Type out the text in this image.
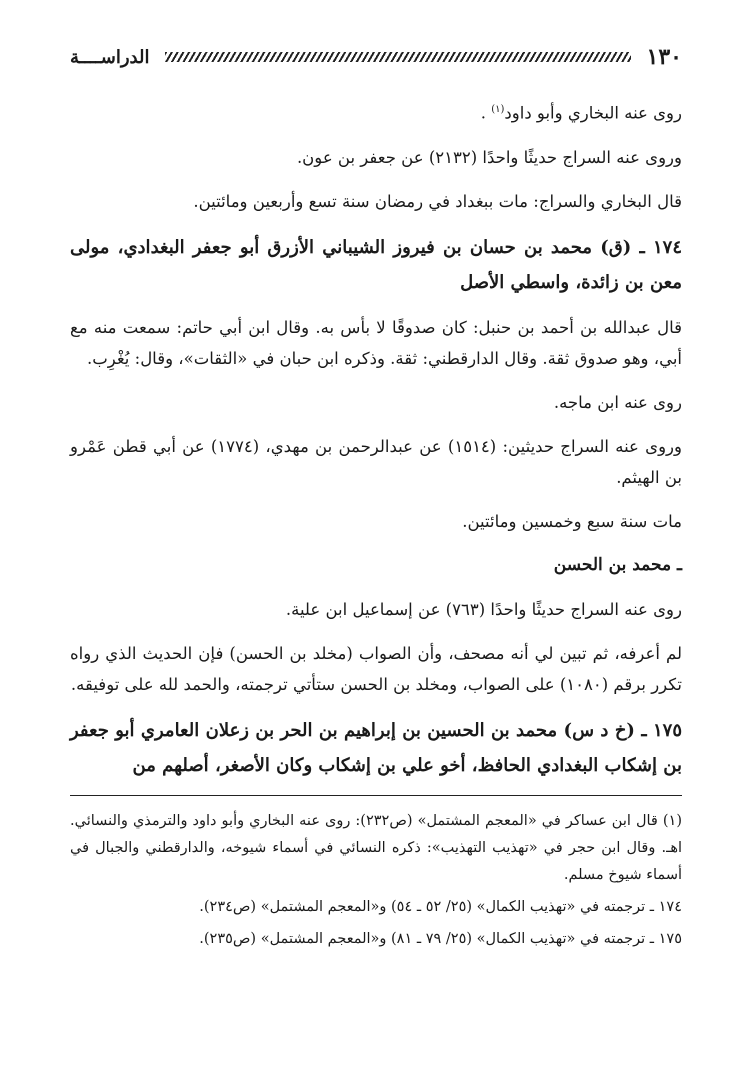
١٣٠
الدراســــة

روى عنه البخاري وأبو داود$^{(١)}$ .

وروى عنه السراج حديثًا واحدًا (٢١٣٢) عن جعفر بن عون.

قال البخاري والسراج: مات ببغداد في رمضان سنة تسع وأربعين ومائتين.

١٧٤ ـ (ق) محمد بن حسان بن فيروز الشيباني الأزرق أبو جعفر البغدادي، مولى معن بن زائدة، واسطي الأصل

قال عبدالله بن أحمد بن حنبل: كان صدوقًا لا بأس به. وقال ابن أبي حاتم: سمعت منه مع أبي، وهو صدوق ثقة. وقال الدارقطني: ثقة. وذكره ابن حبان في «الثقات»، وقال: يُغْرِب.

روى عنه ابن ماجه.

وروى عنه السراج حديثين: (١٥١٤) عن عبدالرحمن بن مهدي، (١٧٧٤) عن أبي قطن عَمْرو بن الهيثم.

مات سنة سبع وخمسين ومائتين.

ـ محمد بن الحسن

روى عنه السراج حديثًا واحدًا (٧٦٣) عن إسماعيل ابن علية.

لم أعرفه، ثم تبين لي أنه مصحف، وأن الصواب (مخلد بن الحسن) فإن الحديث الذي رواه تكرر برقم (١٠٨٠) على الصواب، ومخلد بن الحسن ستأتي ترجمته، والحمد لله على توفيقه.

١٧٥ ـ (خ د س) محمد بن الحسين بن إبراهيم بن الحر بن زعلان العامري أبو جعفر بن إشكاب البغدادي الحافظ، أخو علي بن إشكاب وكان الأصغر، أصلهم من

(١) قال ابن عساكر في «المعجم المشتمل» (ص٢٣٢): روى عنه البخاري وأبو داود والترمذي والنسائي. اهـ. وقال ابن حجر في «تهذيب التهذيب»: ذكره النسائي في أسماء شيوخه، والدارقطني والجبال في أسماء شيوخ مسلم.

١٧٤ ـ ترجمته في «تهذيب الكمال» (٢٥/ ٥٢ ـ ٥٤) و«المعجم المشتمل» (ص٢٣٤).

١٧٥ ـ ترجمته في «تهذيب الكمال» (٢٥/ ٧٩ ـ ٨١) و«المعجم المشتمل» (ص٢٣٥).
